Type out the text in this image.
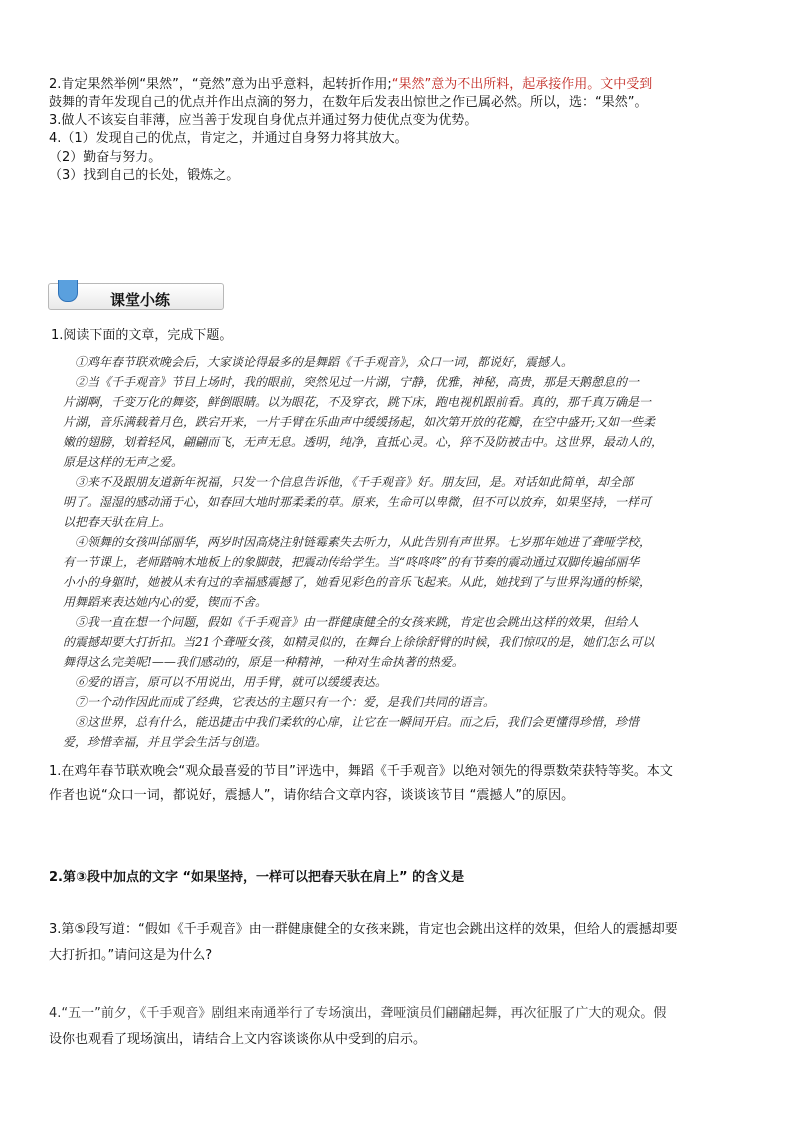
2.肯定果然举例“果然”，“竟然”意为出乎意料，起转折作用;“果然”意为不出所料，起承接作用。文中受到
鼓舞的青年发现自己的优点并作出点滴的努力，在数年后发表出惊世之作已属必然。所以，选：“果然”。
3.做人不该妄自菲薄，应当善于发现自身优点并通过努力使优点变为优势。
4.（1）发现自己的优点，肯定之，并通过自身努力将其放大。
（2）勤奋与努力。
（3）找到自己的长处，锻炼之。
课堂小练
1.阅读下面的文章，完成下题。
①鸡年春节联欢晚会后，大家谈论得最多的是舞蹈《千手观音》，众口一词，都说好，震撼人。
②当《千手观音》节目上场时，我的眼前，突然见过一片湖，宁静，优雅，神秘，高贵，那是天鹅憩息的一
片湖啊，千变万化的舞姿，鲜倒眼睛。以为眼花，不及穿衣，跳下床，跑电视机跟前看。真的，那千真万确是一
片湖，音乐满载着月色，跌宕开来，一片手臂在乐曲声中缓缓扬起，如次第开放的花瓣，在空中盛开;又如一些柔
嫩的翅膀，划着轻风，翩翩而飞，无声无息。透明，纯净，直抵心灵。心，猝不及防被击中。这世界，最动人的，
原是这样的无声之爱。
③来不及跟朋友道新年祝福，只发一个信息告诉他，《千手观音》好。朋友回，是。对话如此简单，却全部
明了。湿湿的感动涌于心，如春回大地时那柔柔的草。原来，生命可以卑微，但不可以放弃，如果坚持，一样可
以把春天驮在肩上。
④领舞的女孩叫邰丽华，两岁时因高烧注射链霉素失去听力，从此告别有声世界。七岁那年她进了聋哑学校，
有一节课上，老师踏响木地板上的象脚鼓，把震动传给学生。当“咚咚咚”的有节奏的震动通过双脚传遍邰丽华
小小的身躯时，她被从未有过的幸福感震撼了，她看见彩色的音乐飞起来。从此，她找到了与世界沟通的桥梁，
用舞蹈来表达她内心的爱，锲而不舍。
⑤我一直在想一个问题，假如《千手观音》由一群健康健全的女孩来跳，肯定也会跳出这样的效果，但给人
的震撼却要大打折扣。当21个聋哑女孩，如精灵似的，在舞台上徐徐舒臂的时候，我们惊叹的是，她们怎么可以
舞得这么完美呢!——我们感动的，原是一种精神，一种对生命执著的热爱。
⑥爱的语言，原可以不用说出，用手臂，就可以缓缓表达。
⑦一个动作因此而成了经典，它表达的主题只有一个：爱，是我们共同的语言。
⑧这世界，总有什么，能迅捷击中我们柔软的心扉，让它在一瞬间开启。而之后，我们会更懂得珍惜，珍惜
爱，珍惜幸福，并且学会生活与创造。
1.在鸡年春节联欢晚会“观众最喜爱的节目”评选中，舞蹈《千手观音》以绝对领先的得票数荣获特等奖。本文
作者也说“众口一词，都说好，震撼人”，请你结合文章内容，谈谈该节目 “震撼人”的原因。
2.第③段中加点的文字 “如果坚持，一样可以把春天驮在肩上” 的含义是
3.第⑤段写道：“假如《千手观音》由一群健康健全的女孩来跳，肯定也会跳出这样的效果，但给人的震撼却要
大打折扣。”请问这是为什么?
4.“五一”前夕，《千手观音》剧组来南通举行了专场演出，聋哑演员们翩翩起舞，再次征服了广大的观众。假
设你也观看了现场演出，请结合上文内容谈谈你从中受到的启示。
